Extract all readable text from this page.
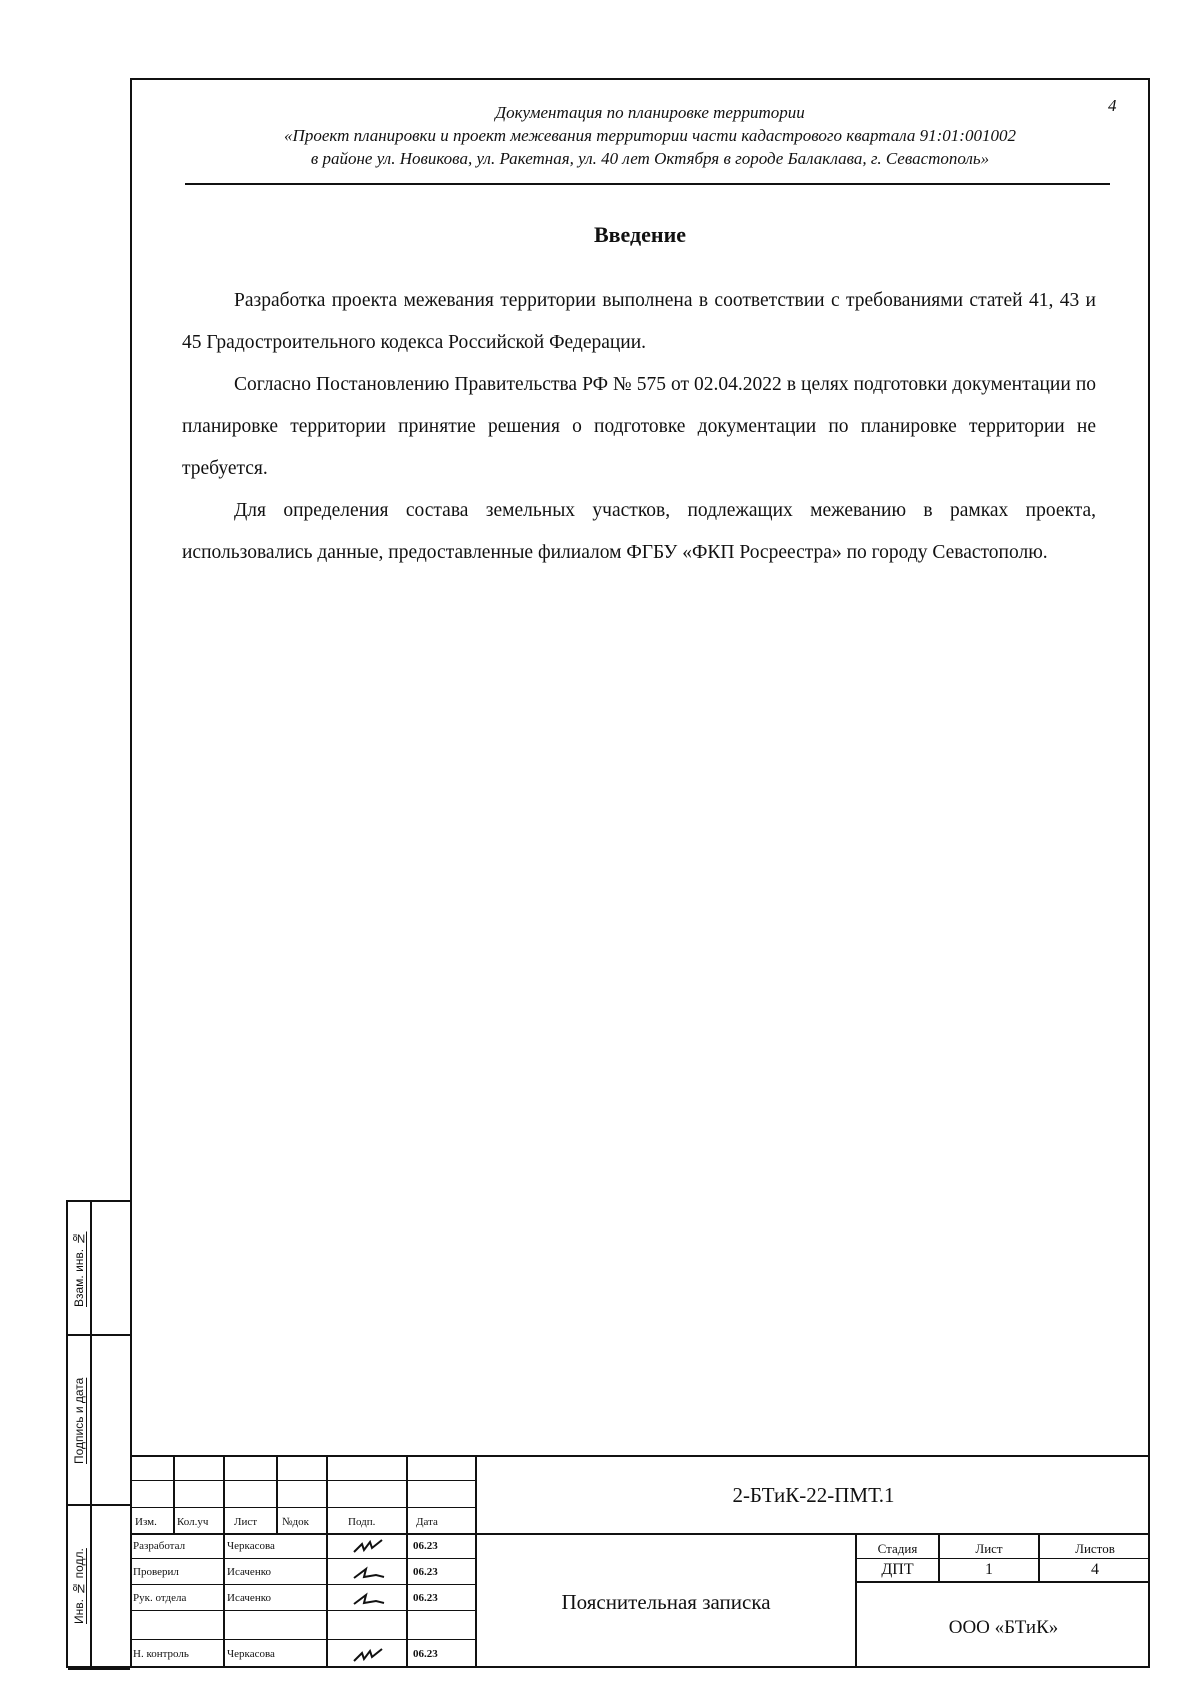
4
Документация по планировке территории
«Проект планировки и проект межевания территории части кадастрового квартала 91:01:001002
в районе ул. Новикова, ул. Ракетная, ул. 40 лет Октября в городе Балаклава, г. Севастополь»
Введение

Разработка проекта межевания территории выполнена в соответствии с требованиями статей 41, 43 и 45 Градостроительного кодекса Российской Федерации.

Согласно Постановлению Правительства РФ № 575 от 02.04.2022 в целях подготовки документации по планировке территории принятие решения о подготовке документации по планировке территории не требуется.

Для определения состава земельных участков, подлежащих межеванию в рамках проекта, использовались данные, предоставленные филиалом ФГБУ «ФКП Росреестра» по городу Севастополю.

Взам. инв. №
Подпись и дата
Инв. № подл.
Изм. Кол.уч Лист №док	Подп.	Дата
Разработал	Черкасова	06.23
Проверил	Исаченко	06.23
Рук. отдела	Исаченко	06.23
Н. контроль	Черкасова	06.23
2-БТиК-22-ПМТ.1
Пояснительная записка
Стадия	Лист	Листов
ДПТ	1	4
ООО «БТиК»
